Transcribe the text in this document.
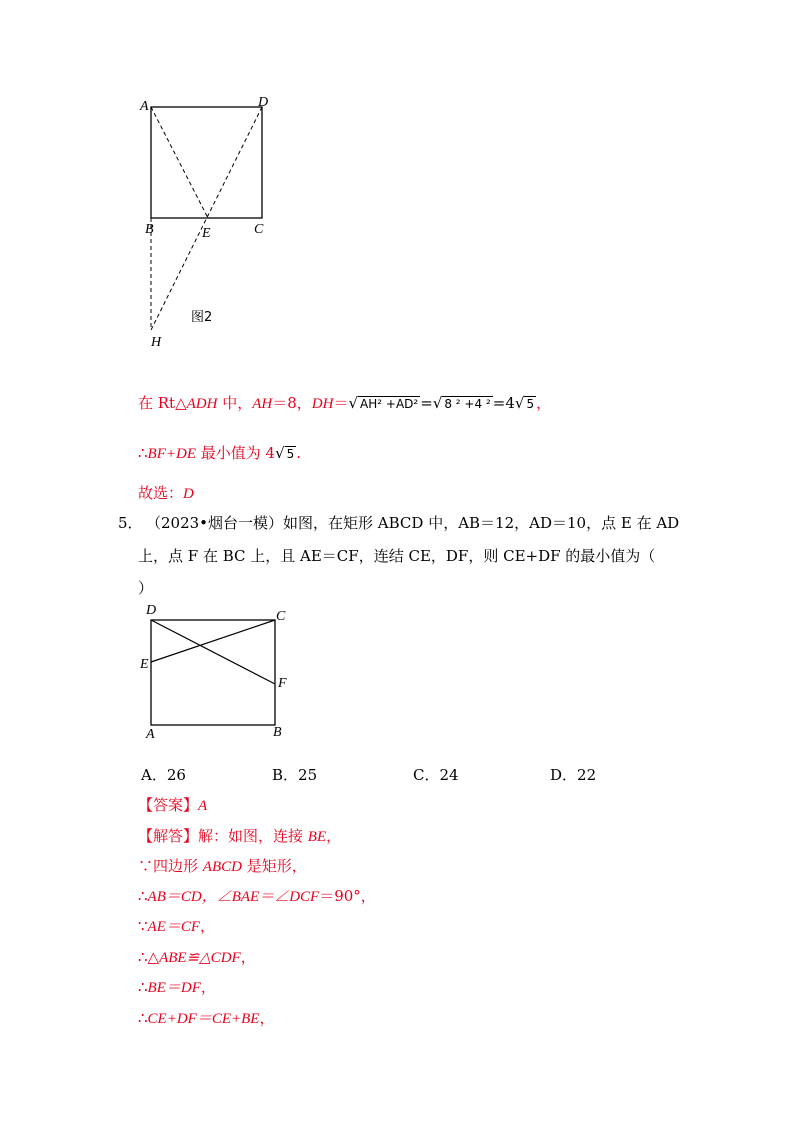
A	D
B	E	C
H
图2
在 Rt△ADH 中，AH＝8，DH＝√ AH² +AD² =√ 8 ² +4 ² =4√ 5 ，
∴BF+DE 最小值为 4√ 5 .
故选：D
5． （2023•烟台一模）如图，在矩形 ABCD 中，AB＝12，AD＝10，点 E 在 AD
上，点 F 在 BC 上，且 AE＝CF，连结 CE，DF，则 CE+DF 的最小值为（
）
D	C
E
F
A	B
A．26	B．25	C．24	D．22
【答案】A
【解答】解：如图，连接 BE，
∵四边形 ABCD 是矩形，
∴AB＝CD，∠BAE＝∠DCF＝90°，
∵AE＝CF，
∴△ABE≌△CDF，
∴BE＝DF，
∴CE+DF＝CE+BE，
